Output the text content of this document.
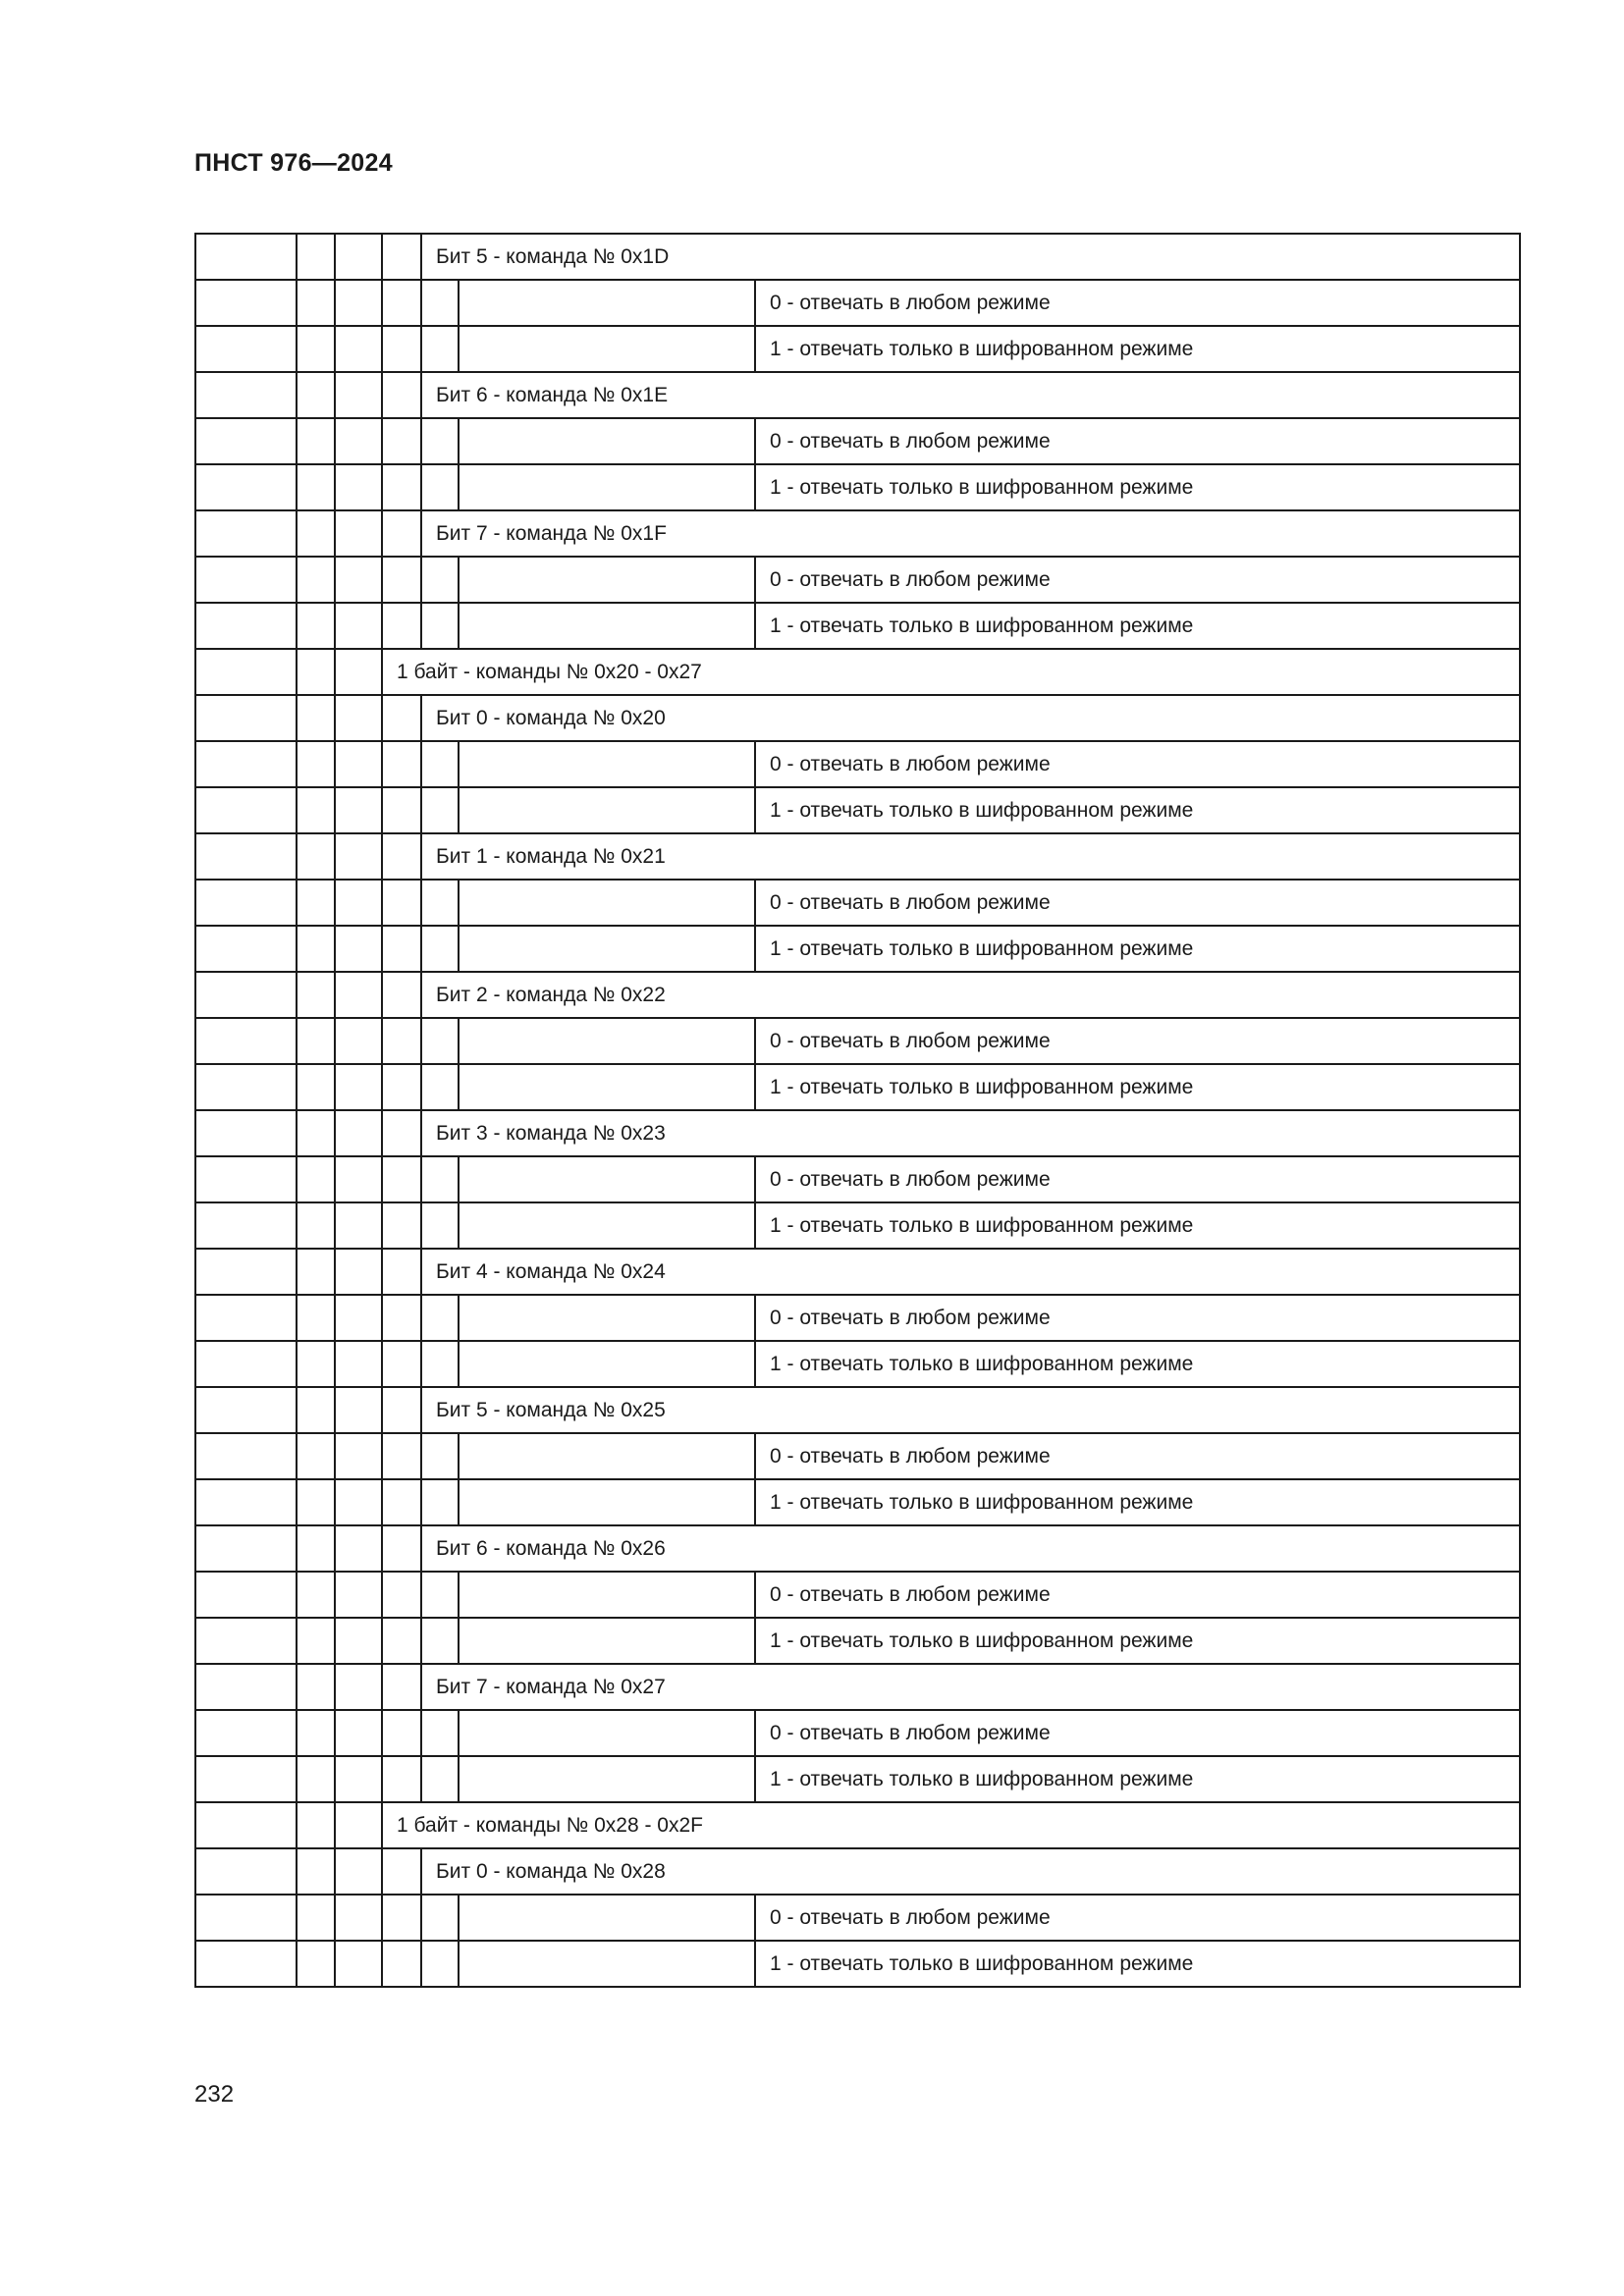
ПНСТ 976—2024
				Бит 5 - команда № 0x1D		
						0 - отвечать в любом режиме
						1 - отвечать только в шифрованном режиме
				Бит 6 - команда № 0x1E		
						0 - отвечать в любом режиме
						1 - отвечать только в шифрованном режиме
				Бит 7 - команда № 0x1F		
						0 - отвечать в любом режиме
						1 - отвечать только в шифрованном режиме
			1 байт - команды № 0x20 - 0x27			
				Бит 0 - команда № 0x20		
						0 - отвечать в любом режиме
						1 - отвечать только в шифрованном режиме
				Бит 1 - команда № 0x21		
						0 - отвечать в любом режиме
						1 - отвечать только в шифрованном режиме
				Бит 2 - команда № 0x22		
						0 - отвечать в любом режиме
						1 - отвечать только в шифрованном режиме
				Бит 3 - команда № 0x23		
						0 - отвечать в любом режиме
						1 - отвечать только в шифрованном режиме
				Бит 4 - команда № 0x24		
						0 - отвечать в любом режиме
						1 - отвечать только в шифрованном режиме
				Бит 5 - команда № 0x25		
						0 - отвечать в любом режиме
						1 - отвечать только в шифрованном режиме
				Бит 6 - команда № 0x26		
						0 - отвечать в любом режиме
						1 - отвечать только в шифрованном режиме
				Бит 7 - команда № 0x27		
						0 - отвечать в любом режиме
						1 - отвечать только в шифрованном режиме
			1 байт - команды № 0x28 - 0x2F			
				Бит 0 - команда № 0x28		
						0 - отвечать в любом режиме
						1 - отвечать только в шифрованном режиме
232
